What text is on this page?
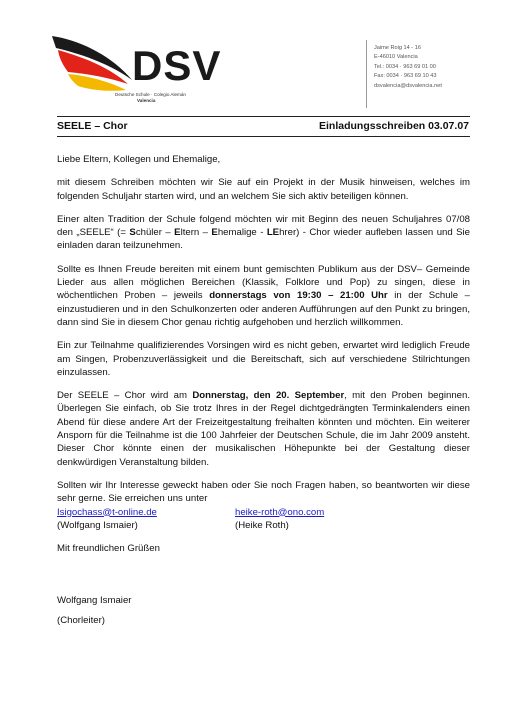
DSV
Deutsche Schule · Colegio Alemán
Valencia
Jaime Roig 14 - 16
E-46010 Valencia
Tel.: 0034 · 963 69 01 00
Fax: 0034 · 963 69 10 43
dsvalencia@dsvalencia.net
SEELE – Chor	Einladungsschreiben 03.07.07

Liebe Eltern, Kollegen und Ehemalige,

mit diesem Schreiben möchten wir Sie auf ein Projekt in der Musik hinweisen, welches im folgenden Schuljahr starten wird, und an welchem Sie sich aktiv beteiligen können.

Einer alten Tradition der Schule folgend möchten wir mit Beginn des neuen Schuljahres 07/08 den „SEELE“ (= Schüler – Eltern – Ehemalige - LEhrer) - Chor wieder aufleben lassen und Sie einladen daran teilzunehmen.

Sollte es Ihnen Freude bereiten mit einem bunt gemischten Publikum aus der DSV– Gemeinde Lieder aus allen möglichen Bereichen (Klassik, Folklore und Pop) zu singen, diese in wöchentlichen Proben – jeweils donnerstags von 19:30 – 21:00 Uhr in der Schule – einzustudieren und in den Schulkonzerten oder anderen Aufführungen auf den Punkt zu bringen, dann sind Sie in diesem Chor genau richtig aufgehoben und herzlich willkommen.

Ein zur Teilnahme qualifizierendes Vorsingen wird es nicht geben, erwartet wird lediglich Freude am Singen, Probenzuverlässigkeit und die Bereitschaft, sich auf verschiedene Stilrichtungen einzulassen.

Der SEELE – Chor wird am Donnerstag, den 20. September, mit den Proben beginnen. Überlegen Sie einfach, ob Sie trotz Ihres in der Regel dichtgedrängten Terminkalenders einen Abend für diese andere Art der Freizeitgestaltung freihalten könnten und möchten. Ein weiterer Ansporn für die Teilnahme ist die 100 Jahrfeier der Deutschen Schule, die im Jahr 2009 ansteht. Dieser Chor könnte einen der musikalischen Höhepunkte bei der Gestaltung dieser denkwürdigen Veranstaltung bilden.

Sollten wir Ihr Interesse geweckt haben oder Sie noch Fragen haben, so beantworten wir diese sehr gerne. Sie erreichen uns unter

Isigochass@t-online.de	heike-roth@ono.com
(Wolfgang Ismaier)	(Heike Roth)

Mit freundlichen Grüßen

Wolfgang Ismaier
(Chorleiter)
